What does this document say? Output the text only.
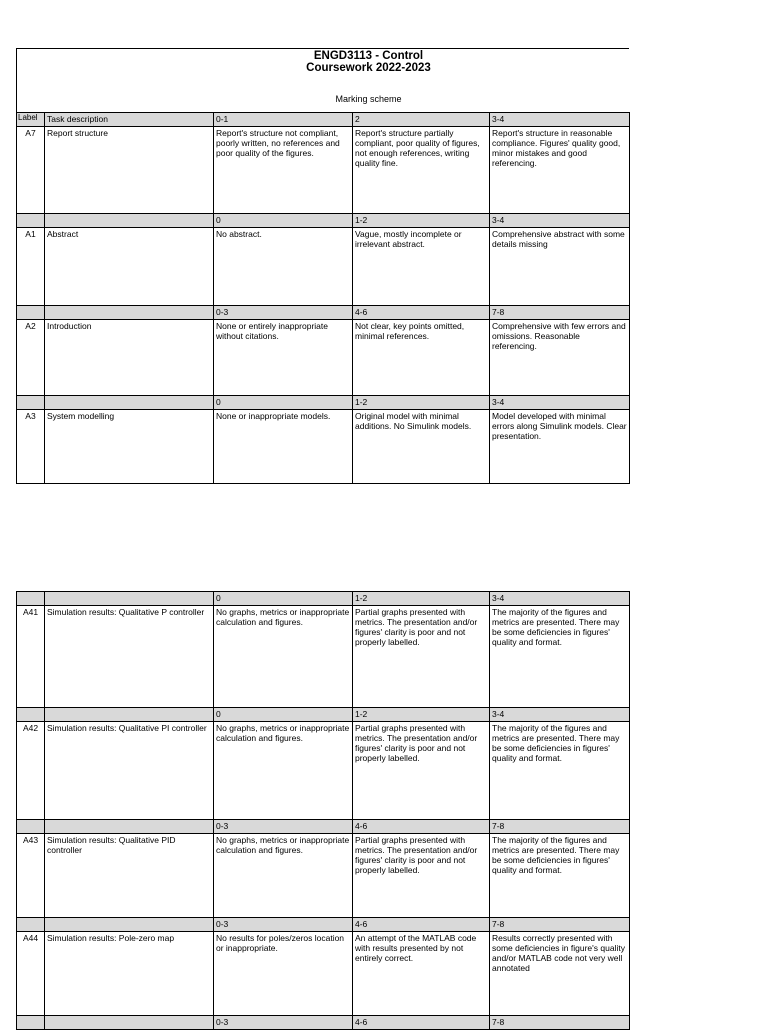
ENGD3113 - Control
Coursework 2022-2023
Marking scheme
Label	Task description	0-1	2	3-4
A7	Report structure	Report's structure not compliant, poorly written, no references and poor quality of the figures.	Report's structure partially compliant, poor quality of figures, not enough references, writing quality fine.	Report's structure in reasonable compliance. Figures' quality good, minor mistakes and good referencing.
		0	1-2	3-4
A1	Abstract	No abstract.	Vague, mostly incomplete or irrelevant abstract.	Comprehensive abstract with some details missing
		0-3	4-6	7-8
A2	Introduction	None or entirely inappropriate without citations.	Not clear, key points omitted, minimal references.	Comprehensive with few errors and omissions. Reasonable referencing.
		0	1-2	3-4
A3	System modelling	None or inappropriate models.	Original model with minimal additions. No Simulink models.	Model developed with minimal errors along Simulink models. Clear presentation.
		0	1-2	3-4
A41	Simulation results: Qualitative P controller	No graphs, metrics or inappropriate calculation and figures.	Partial graphs presented with metrics. The presentation and/or figures' clarity is poor and not properly labelled.	The majority of the figures and metrics are presented. There may be some deficiencies in figures' quality and format.
		0	1-2	3-4
A42	Simulation results: Qualitative PI controller	No graphs, metrics or inappropriate calculation and figures.	Partial graphs presented with metrics. The presentation and/or figures' clarity is poor and not properly labelled.	The majority of the figures and metrics are presented. There may be some deficiencies in figures' quality and format.
		0-3	4-6	7-8
A43	Simulation results: Qualitative PID controller	No graphs, metrics or inappropriate calculation and figures.	Partial graphs presented with metrics. The presentation and/or figures' clarity is poor and not properly labelled.	The majority of the figures and metrics are presented. There may be some deficiencies in figures' quality and format.
		0-3	4-6	7-8
A44	Simulation results: Pole-zero map	No results for poles/zeros location or inappropriate.	An attempt of the MATLAB code with results presented by not entirely correct.	Results correctly presented with some deficiencies in figure's quality and/or MATLAB code not very well annotated
		0-3	4-6	7-8
